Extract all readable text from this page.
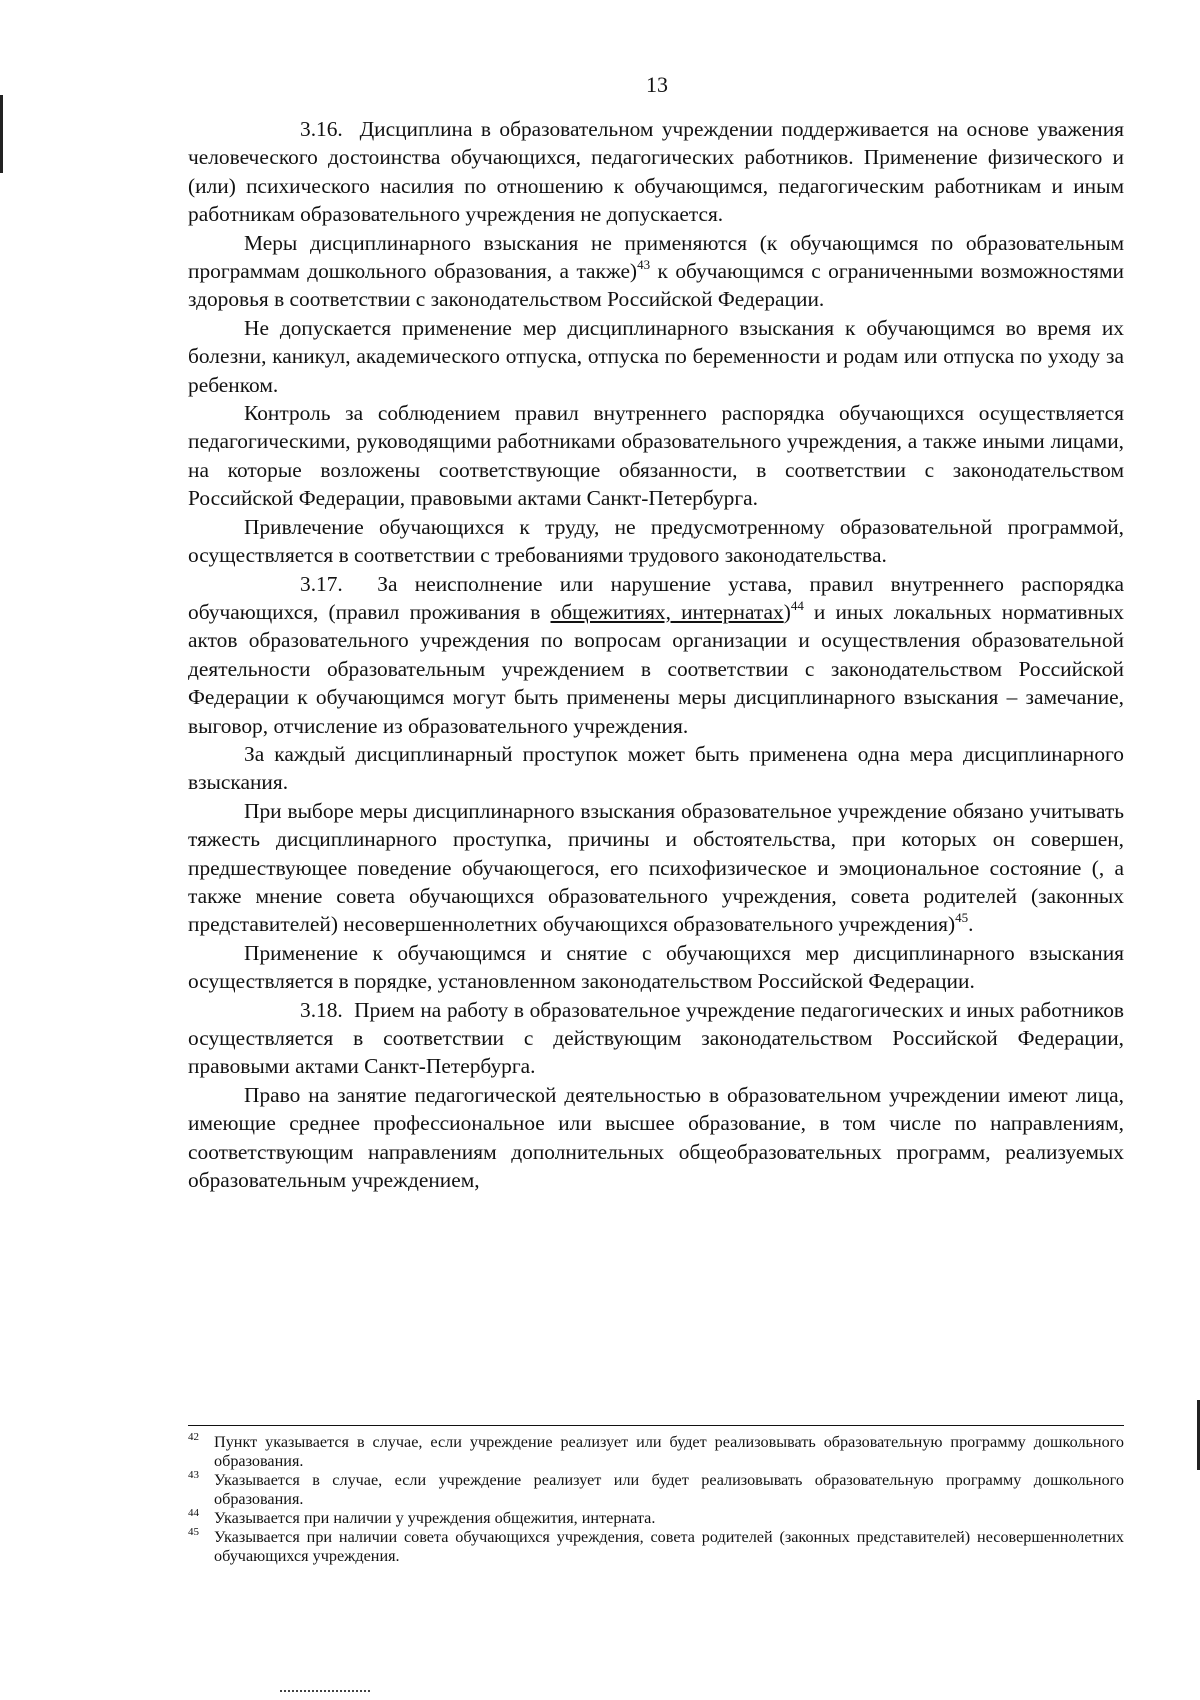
13

3.16. Дисциплина в образовательном учреждении поддерживается на основе уважения человеческого достоинства обучающихся, педагогических работников. Применение физического и (или) психического насилия по отношению к обучающимся, педагогическим работникам и иным работникам образовательного учреждения не допускается.

Меры дисциплинарного взыскания не применяются (к обучающимся по образовательным программам дошкольного образования, а также)$^{43}$ к обучающимся с ограниченными возможностями здоровья в соответствии с законодательством Российской Федерации.

Не допускается применение мер дисциплинарного взыскания к обучающимся во время их болезни, каникул, академического отпуска, отпуска по беременности и родам или отпуска по уходу за ребенком.

Контроль за соблюдением правил внутреннего распорядка обучающихся осуществляется педагогическими, руководящими работниками образовательного учреждения, а также иными лицами, на которые возложены соответствующие обязанности, в соответствии с законодательством Российской Федерации, правовыми актами Санкт-Петербурга.

Привлечение обучающихся к труду, не предусмотренному образовательной программой, осуществляется в соответствии с требованиями трудового законодательства.

3.17. За неисполнение или нарушение устава, правил внутреннего распорядка обучающихся, (правил проживания в общежитиях, интернатах)$^{44}$ и иных локальных нормативных актов образовательного учреждения по вопросам организации и осуществления образовательной деятельности образовательным учреждением в соответствии с законодательством Российской Федерации к обучающимся могут быть применены меры дисциплинарного взыскания – замечание, выговор, отчисление из образовательного учреждения.

За каждый дисциплинарный проступок может быть применена одна мера дисциплинарного взыскания.

При выборе меры дисциплинарного взыскания образовательное учреждение обязано учитывать тяжесть дисциплинарного проступка, причины и обстоятельства, при которых он совершен, предшествующее поведение обучающегося, его психофизическое и эмоциональное состояние (, а также мнение совета обучающихся образовательного учреждения, совета родителей (законных представителей) несовершеннолетних обучающихся образовательного учреждения)$^{45}$.

Применение к обучающимся и снятие с обучающихся мер дисциплинарного взыскания осуществляется в порядке, установленном законодательством Российской Федерации.

3.18. Прием на работу в образовательное учреждение педагогических и иных работников осуществляется в соответствии с действующим законодательством Российской Федерации, правовыми актами Санкт-Петербурга.

Право на занятие педагогической деятельностью в образовательном учреждении имеют лица, имеющие среднее профессиональное или высшее образование, в том числе по направлениям, соответствующим направлениям дополнительных общеобразовательных программ, реализуемых образовательным учреждением,

42 Пункт указывается в случае, если учреждение реализует или будет реализовывать образовательную программу дошкольного образования.
43 Указывается в случае, если учреждение реализует или будет реализовывать образовательную программу дошкольного образования.
44 Указывается при наличии у учреждения общежития, интерната.
45 Указывается при наличии совета обучающихся учреждения, совета родителей (законных представителей) несовершеннолетних обучающихся учреждения.
